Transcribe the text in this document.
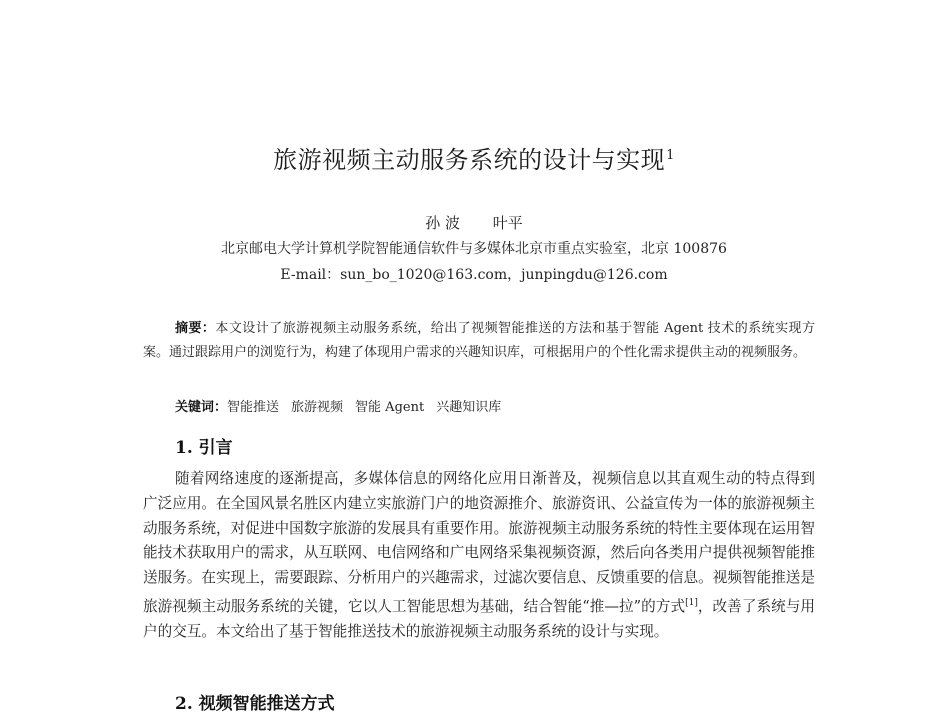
旅游视频主动服务系统的设计与实现$^1$
孙 波 叶平
北京邮电大学计算机学院智能通信软件与多媒体北京市重点实验室，北京 100876
E-mail：sun_bo_1020@163.com，junpingdu@126.com
摘要：本文设计了旅游视频主动服务系统，给出了视频智能推送的方法和基于智能 Agent 技术的系统实现方案。通过跟踪用户的浏览行为，构建了体现用户需求的兴趣知识库，可根据用户的个性化需求提供主动的视频服务。
关键词：智能推送 旅游视频 智能 Agent 兴趣知识库
1. 引言
随着网络速度的逐渐提高，多媒体信息的网络化应用日渐普及，视频信息以其直观生动的特点得到广泛应用。在全国风景名胜区内建立实旅游门户的地资源推介、旅游资讯、公益宣传为一体的旅游视频主动服务系统，对促进中国数字旅游的发展具有重要作用。旅游视频主动服务系统的特性主要体现在运用智能技术获取用户的需求，从互联网、电信网络和广电网络采集视频资源，然后向各类用户提供视频智能推送服务。在实现上，需要跟踪、分析用户的兴趣需求，过滤次要信息、反馈重要的信息。视频智能推送是旅游视频主动服务系统的关键，它以人工智能思想为基础，结合智能“推—拉”的方式[1]，改善了系统与用户的交互。本文给出了基于智能推送技术的旅游视频主动服务系统的设计与实现。
2. 视频智能推送方式
